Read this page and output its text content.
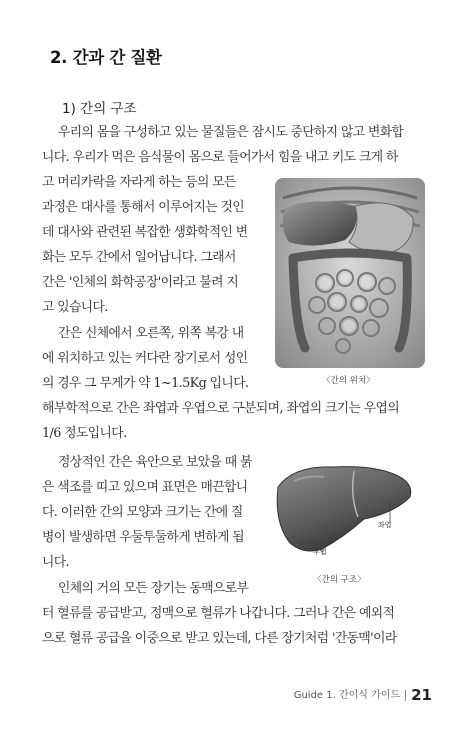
2. 간과 간 질환
1) 간의 구조
우리의 몸을 구성하고 있는 물질들은 잠시도 중단하지 않고 변화합
니다. 우리가 먹은 음식물이 몸으로 들어가서 힘을 내고 키도 크게 하
고 머리카락을 자라게 하는 등의 모든
과정은 대사를 통해서 이루어지는 것인
데 대사와 관련된 복잡한 생화학적인 변
화는 모두 간에서 일어납니다. 그래서
간은 '인체의 화학공장'이라고 불려 지
고 있습니다.
간은 신체에서 오른쪽, 위쪽 복강 내
에 위치하고 있는 커다란 장기로서 성인
의 경우 그 무게가 약 1~1.5Kg 입니다.
해부학적으로 간은 좌엽과 우엽으로 구분되며, 좌엽의 크기는 우엽의
1/6 정도입니다.
정상적인 간은 육안으로 보았을 때 붉
은 색조를 띠고 있으며 표면은 매끈합니
다. 이러한 간의 모양과 크기는 간에 질
병이 발생하면 우둘투둘하게 변하게 됩
니다.
인체의 거의 모든 장기는 동맥으로부
터 혈류를 공급받고, 정맥으로 혈류가 나갑니다. 그러나 간은 예외적
으로 혈류 공급을 이중으로 받고 있는데, 다른 장기처럼 '간동맥'이라
〈간의 위치〉
좌엽
우엽
〈간의 구조〉
Guide 1. 간이식 가이드 21
